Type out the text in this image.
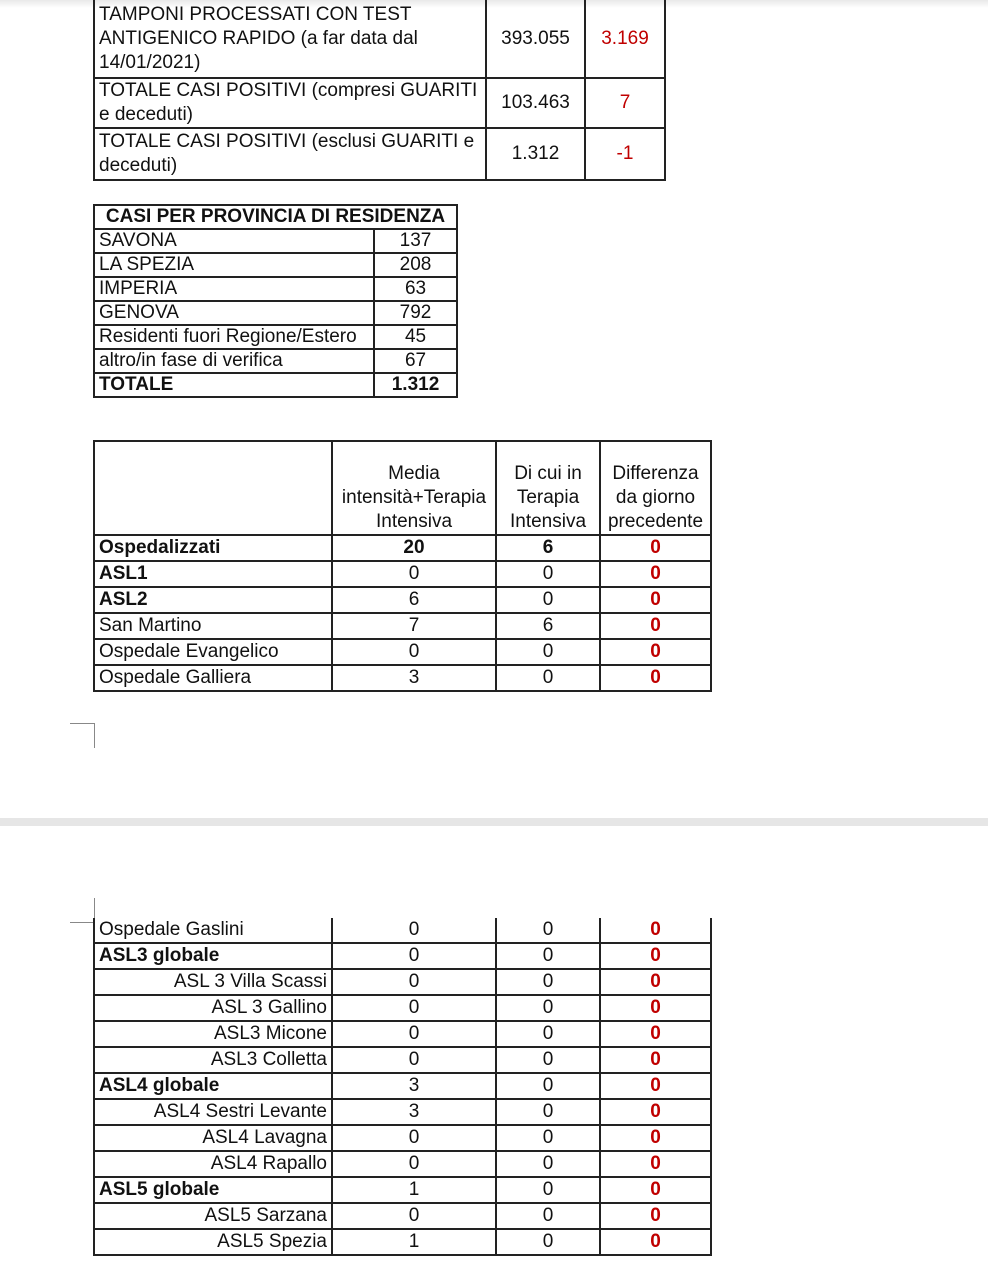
TAMPONI PROCESSATI CON TEST ANTIGENICO RAPIDO (a far data dal 14/01/2021)	393.055	3.169
TOTALE CASI POSITIVI (compresi GUARITI e deceduti)	103.463	7
TOTALE CASI POSITIVI (esclusi GUARITI e deceduti)	1.312	-1
CASI PER PROVINCIA DI RESIDENZA	
SAVONA	137
LA SPEZIA	208
IMPERIA	63
GENOVA	792
Residenti fuori Regione/Estero	45
altro/in fase di verifica	67
TOTALE	1.312
	Media intensità+Terapia Intensiva	Di cui in Terapia Intensiva	Differenza da giorno precedente
Ospedalizzati	20	6	0
ASL1	0	0	0
ASL2	6	0	0
San Martino	7	6	0
Ospedale Evangelico	0	0	0
Ospedale Galliera	3	0	0
Ospedale Gaslini	0	0	0
ASL3 globale	0	0	0
ASL 3 Villa Scassi	0	0	0
ASL 3 Gallino	0	0	0
ASL3 Micone	0	0	0
ASL3 Colletta	0	0	0
ASL4 globale	3	0	0
ASL4 Sestri Levante	3	0	0
ASL4 Lavagna	0	0	0
ASL4 Rapallo	0	0	0
ASL5 globale	1	0	0
ASL5 Sarzana	0	0	0
ASL5 Spezia	1	0	0
